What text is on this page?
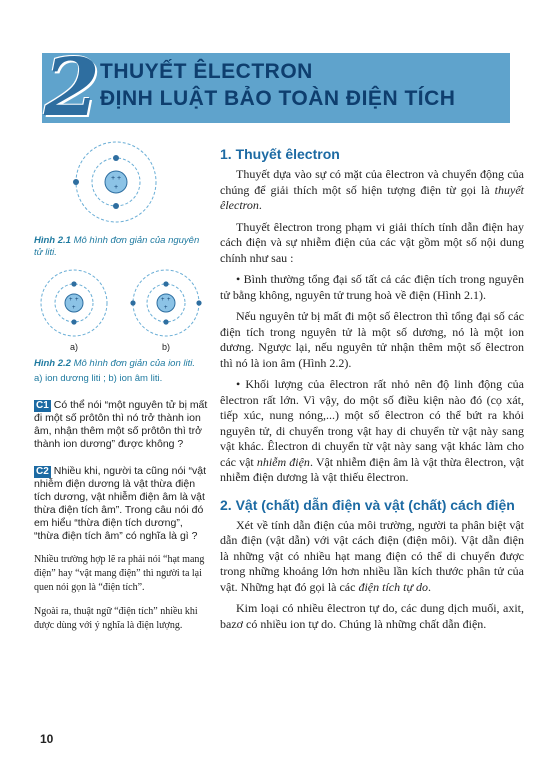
2 THUYẾT ÊLECTRON
ĐỊNH LUẬT BẢO TOÀN ĐIỆN TÍCH
+ +
+
Hình 2.1 Mô hình đơn giản của nguyên tử liti.
+ +
+
a)
+ +
+
b)
Hình 2.2 Mô hình đơn giản của ion liti.
a) ion dương liti ; b) ion âm liti.
C1 Có thể nói “một nguyên tử bị mất đi một số prôtôn thì nó trở thành ion âm, nhận thêm một số prôtôn thì trở thành ion dương” được không ?
C2 Nhiều khi, người ta cũng nói “vật nhiễm điện dương là vật thừa điện tích dương, vật nhiễm điện âm là vật thừa điện tích âm”. Trong câu nói đó em hiểu “thừa điện tích dương”, “thừa điện tích âm” có nghĩa là gì ?
Nhiều trường hợp lẽ ra phải nói “hạt mang điện” hay “vật mang điện” thì người ta lại quen nói gọn là “điện tích”.
Ngoài ra, thuật ngữ “điện tích” nhiều khi được dùng với ý nghĩa là điện lượng.
1. Thuyết êlectron

Thuyết dựa vào sự có mặt của êlectron và chuyển động của chúng để giải thích một số hiện tượng điện từ gọi là thuyết êlectron.

Thuyết êlectron trong phạm vi giải thích tính dẫn điện hay cách điện và sự nhiễm điện của các vật gồm một số nội dung chính như sau :

• Bình thường tổng đại số tất cả các điện tích trong nguyên tử bằng không, nguyên tử trung hoà về điện (Hình 2.1).

Nếu nguyên tử bị mất đi một số êlectron thì tổng đại số các điện tích trong nguyên tử là một số dương, nó là một ion dương. Ngược lại, nếu nguyên tử nhận thêm một số êlectron thì nó là ion âm (Hình 2.2).

• Khối lượng của êlectron rất nhỏ nên độ linh động của êlectron rất lớn. Vì vậy, do một số điều kiện nào đó (cọ xát, tiếp xúc, nung nóng,...) một số êlectron có thể bứt ra khỏi nguyên tử, di chuyển trong vật hay di chuyển từ vật này sang vật khác. Êlectron di chuyển từ vật này sang vật khác làm cho các vật nhiễm điện. Vật nhiễm điện âm là vật thừa êlectron, vật nhiễm điện dương là vật thiếu êlectron.

2. Vật (chất) dẫn điện và vật (chất) cách điện

Xét về tính dẫn điện của môi trường, người ta phân biệt vật dẫn điện (vật dẫn) với vật cách điện (điện môi). Vật dẫn điện là những vật có nhiều hạt mang điện có thể di chuyển được trong những khoảng lớn hơn nhiều lần kích thước phân tử của vật. Những hạt đó gọi là các điện tích tự do.

Kim loại có nhiều êlectron tự do, các dung dịch muối, axit, bazơ có nhiều ion tự do. Chúng là những chất dẫn điện.

10
